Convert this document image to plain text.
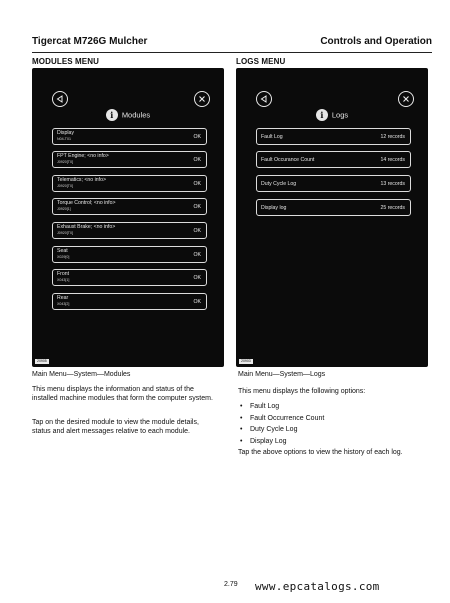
Tigercat M726G Mulcher	Controls and Operation
MODULES MENU
i Modules
Display
N04-T01	OK
FPT Engine; <no info>
J0920[T0]	OK
Telematics; <no info>
J0920[T0]	OK
Torque Control; <no info>
J0920[1]	OK
Exhaust Brake; <no info>
J0920[T0]	OK
Seat
X029[0]	OK
Front
X043[1]	OK
Rear
X043[2]	OK
20905
Main Menu—System—Modules
This menu displays the information and status of the installed machine modules that form the computer system.
Tap on the desired module to view the module details, status and alert messages relative to each module.
LOGS MENU
i Logs
Fault Log	12 records
Fault Occurance Count	14 records
Duty Cycle Log	13 records
Display log	25 records
20903
Main Menu—System—Logs
This menu displays the following options:
• Fault Log
• Fault Occurrence Count
• Duty Cycle Log
• Display Log
Tap the above options to view the history of each log.
2.79 www.epcatalogs.com
